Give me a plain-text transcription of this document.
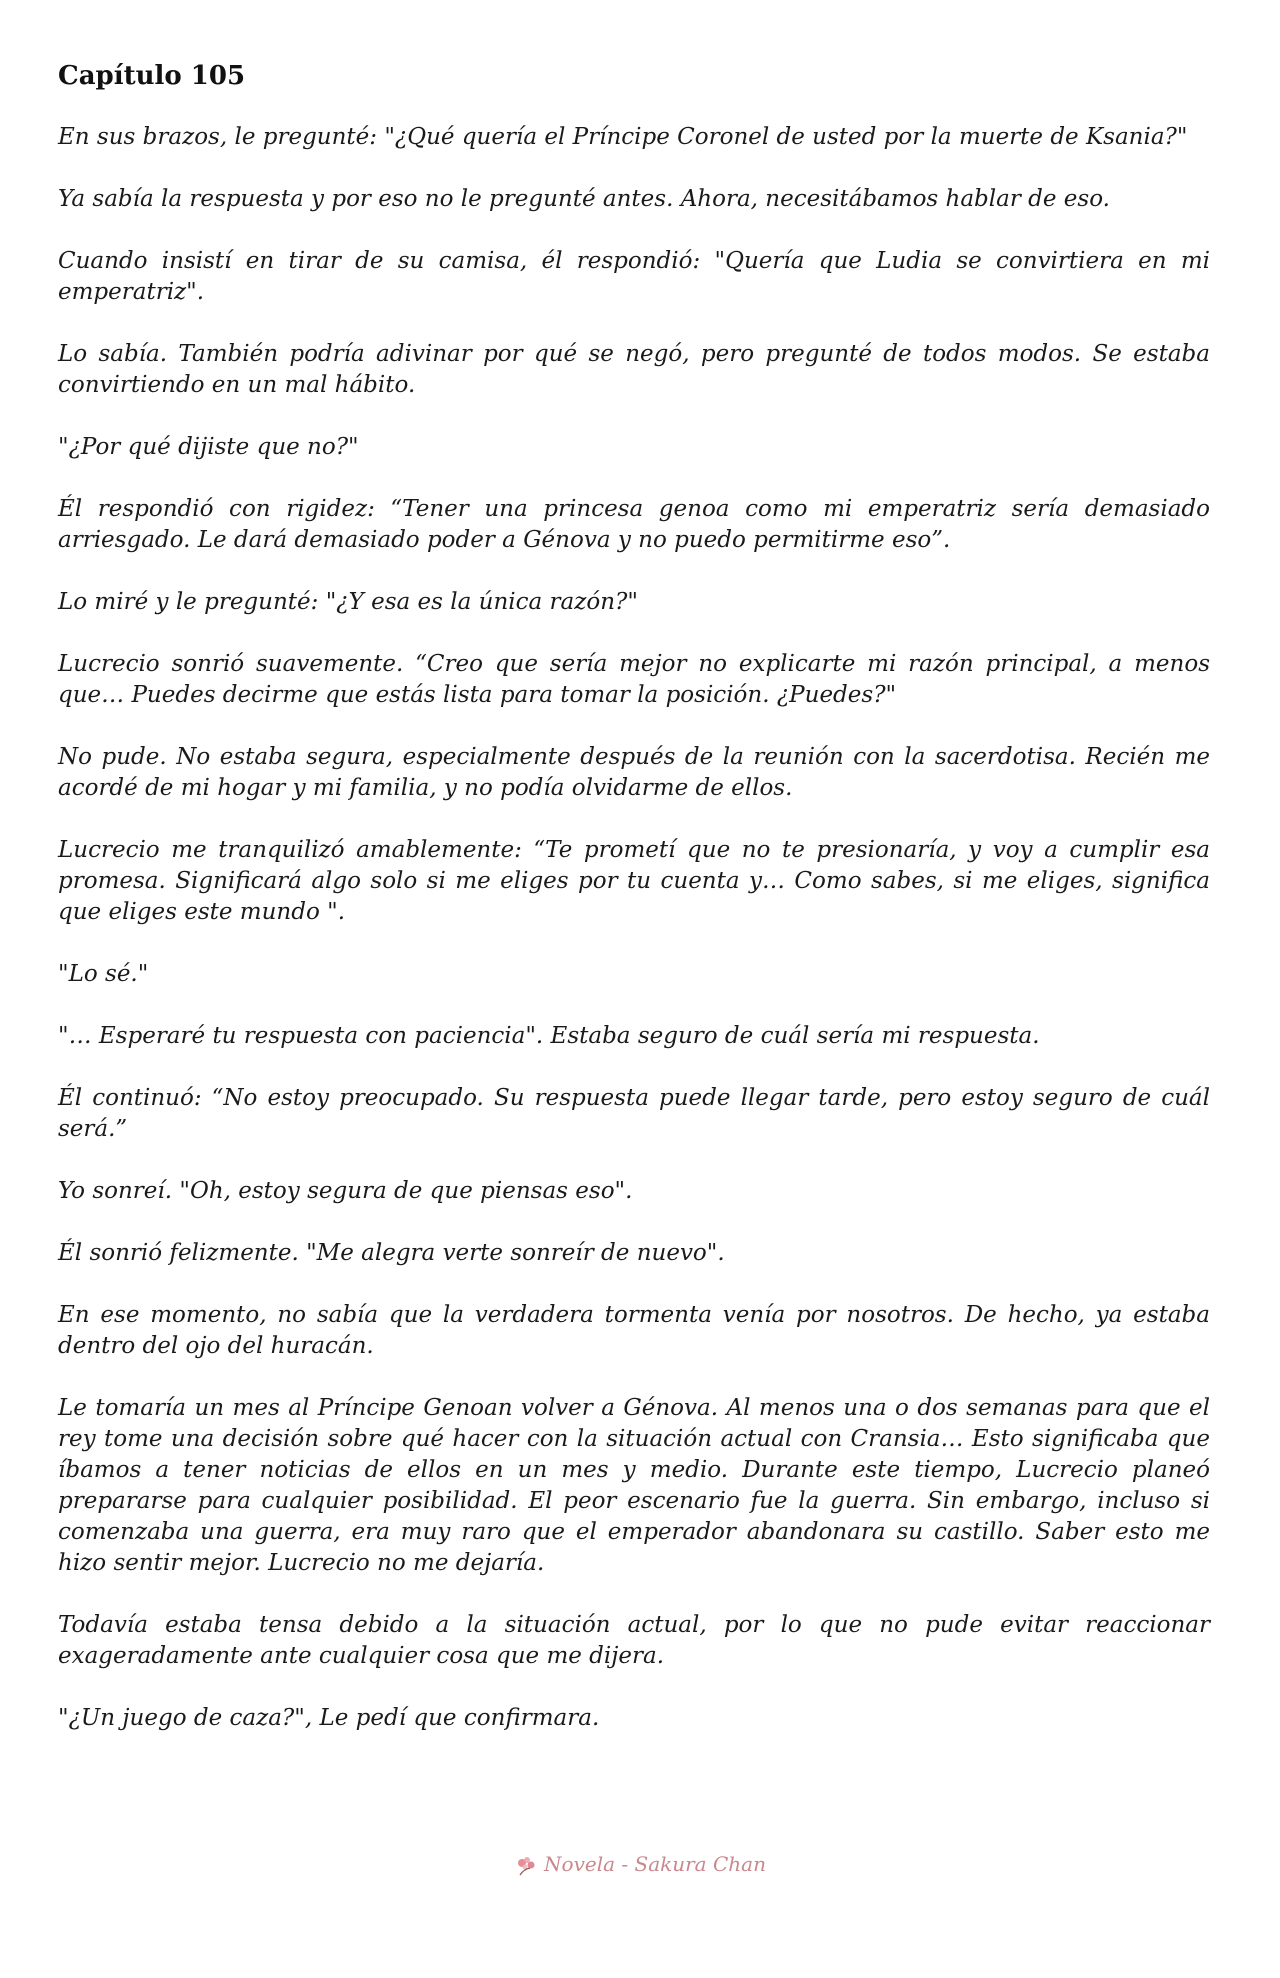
Capítulo 105

En sus brazos, le pregunté: "¿Qué quería el Príncipe Coronel de usted por la muerte de Ksania?"

Ya sabía la respuesta y por eso no le pregunté antes. Ahora, necesitábamos hablar de eso.

Cuando insistí en tirar de su camisa, él respondió: "Quería que Ludia se convirtiera en mi emperatriz".

Lo sabía. También podría adivinar por qué se negó, pero pregunté de todos modos. Se estaba convirtiendo en un mal hábito.

"¿Por qué dijiste que no?"

Él respondió con rigidez: “Tener una princesa genoa como mi emperatriz sería demasiado arriesgado. Le dará demasiado poder a Génova y no puedo permitirme eso”.

Lo miré y le pregunté: "¿Y esa es la única razón?"

Lucrecio sonrió suavemente. “Creo que sería mejor no explicarte mi razón principal, a menos que… Puedes decirme que estás lista para tomar la posición. ¿Puedes?"

No pude. No estaba segura, especialmente después de la reunión con la sacerdotisa. Recién me acordé de mi hogar y mi familia, y no podía olvidarme de ellos.

Lucrecio me tranquilizó amablemente: “Te prometí que no te presionaría, y voy a cumplir esa promesa. Significará algo solo si me eliges por tu cuenta y… Como sabes, si me eliges, significa que eliges este mundo ".

"Lo sé."

"… Esperaré tu respuesta con paciencia". Estaba seguro de cuál sería mi respuesta.

Él continuó: “No estoy preocupado. Su respuesta puede llegar tarde, pero estoy seguro de cuál será.”

Yo sonreí. "Oh, estoy segura de que piensas eso".

Él sonrió felizmente. "Me alegra verte sonreír de nuevo".

En ese momento, no sabía que la verdadera tormenta venía por nosotros. De hecho, ya estaba dentro del ojo del huracán.

Le tomaría un mes al Príncipe Genoan volver a Génova. Al menos una o dos semanas para que el rey tome una decisión sobre qué hacer con la situación actual con Cransia… Esto significaba que íbamos a tener noticias de ellos en un mes y medio. Durante este tiempo, Lucrecio planeó prepararse para cualquier posibilidad. El peor escenario fue la guerra. Sin embargo, incluso si comenzaba una guerra, era muy raro que el emperador abandonara su castillo. Saber esto me hizo sentir mejor. Lucrecio no me dejaría.

Todavía estaba tensa debido a la situación actual, por lo que no pude evitar reaccionar exageradamente ante cualquier cosa que me dijera.

"¿Un juego de caza?", Le pedí que confirmara.

Novela - Sakura Chan
